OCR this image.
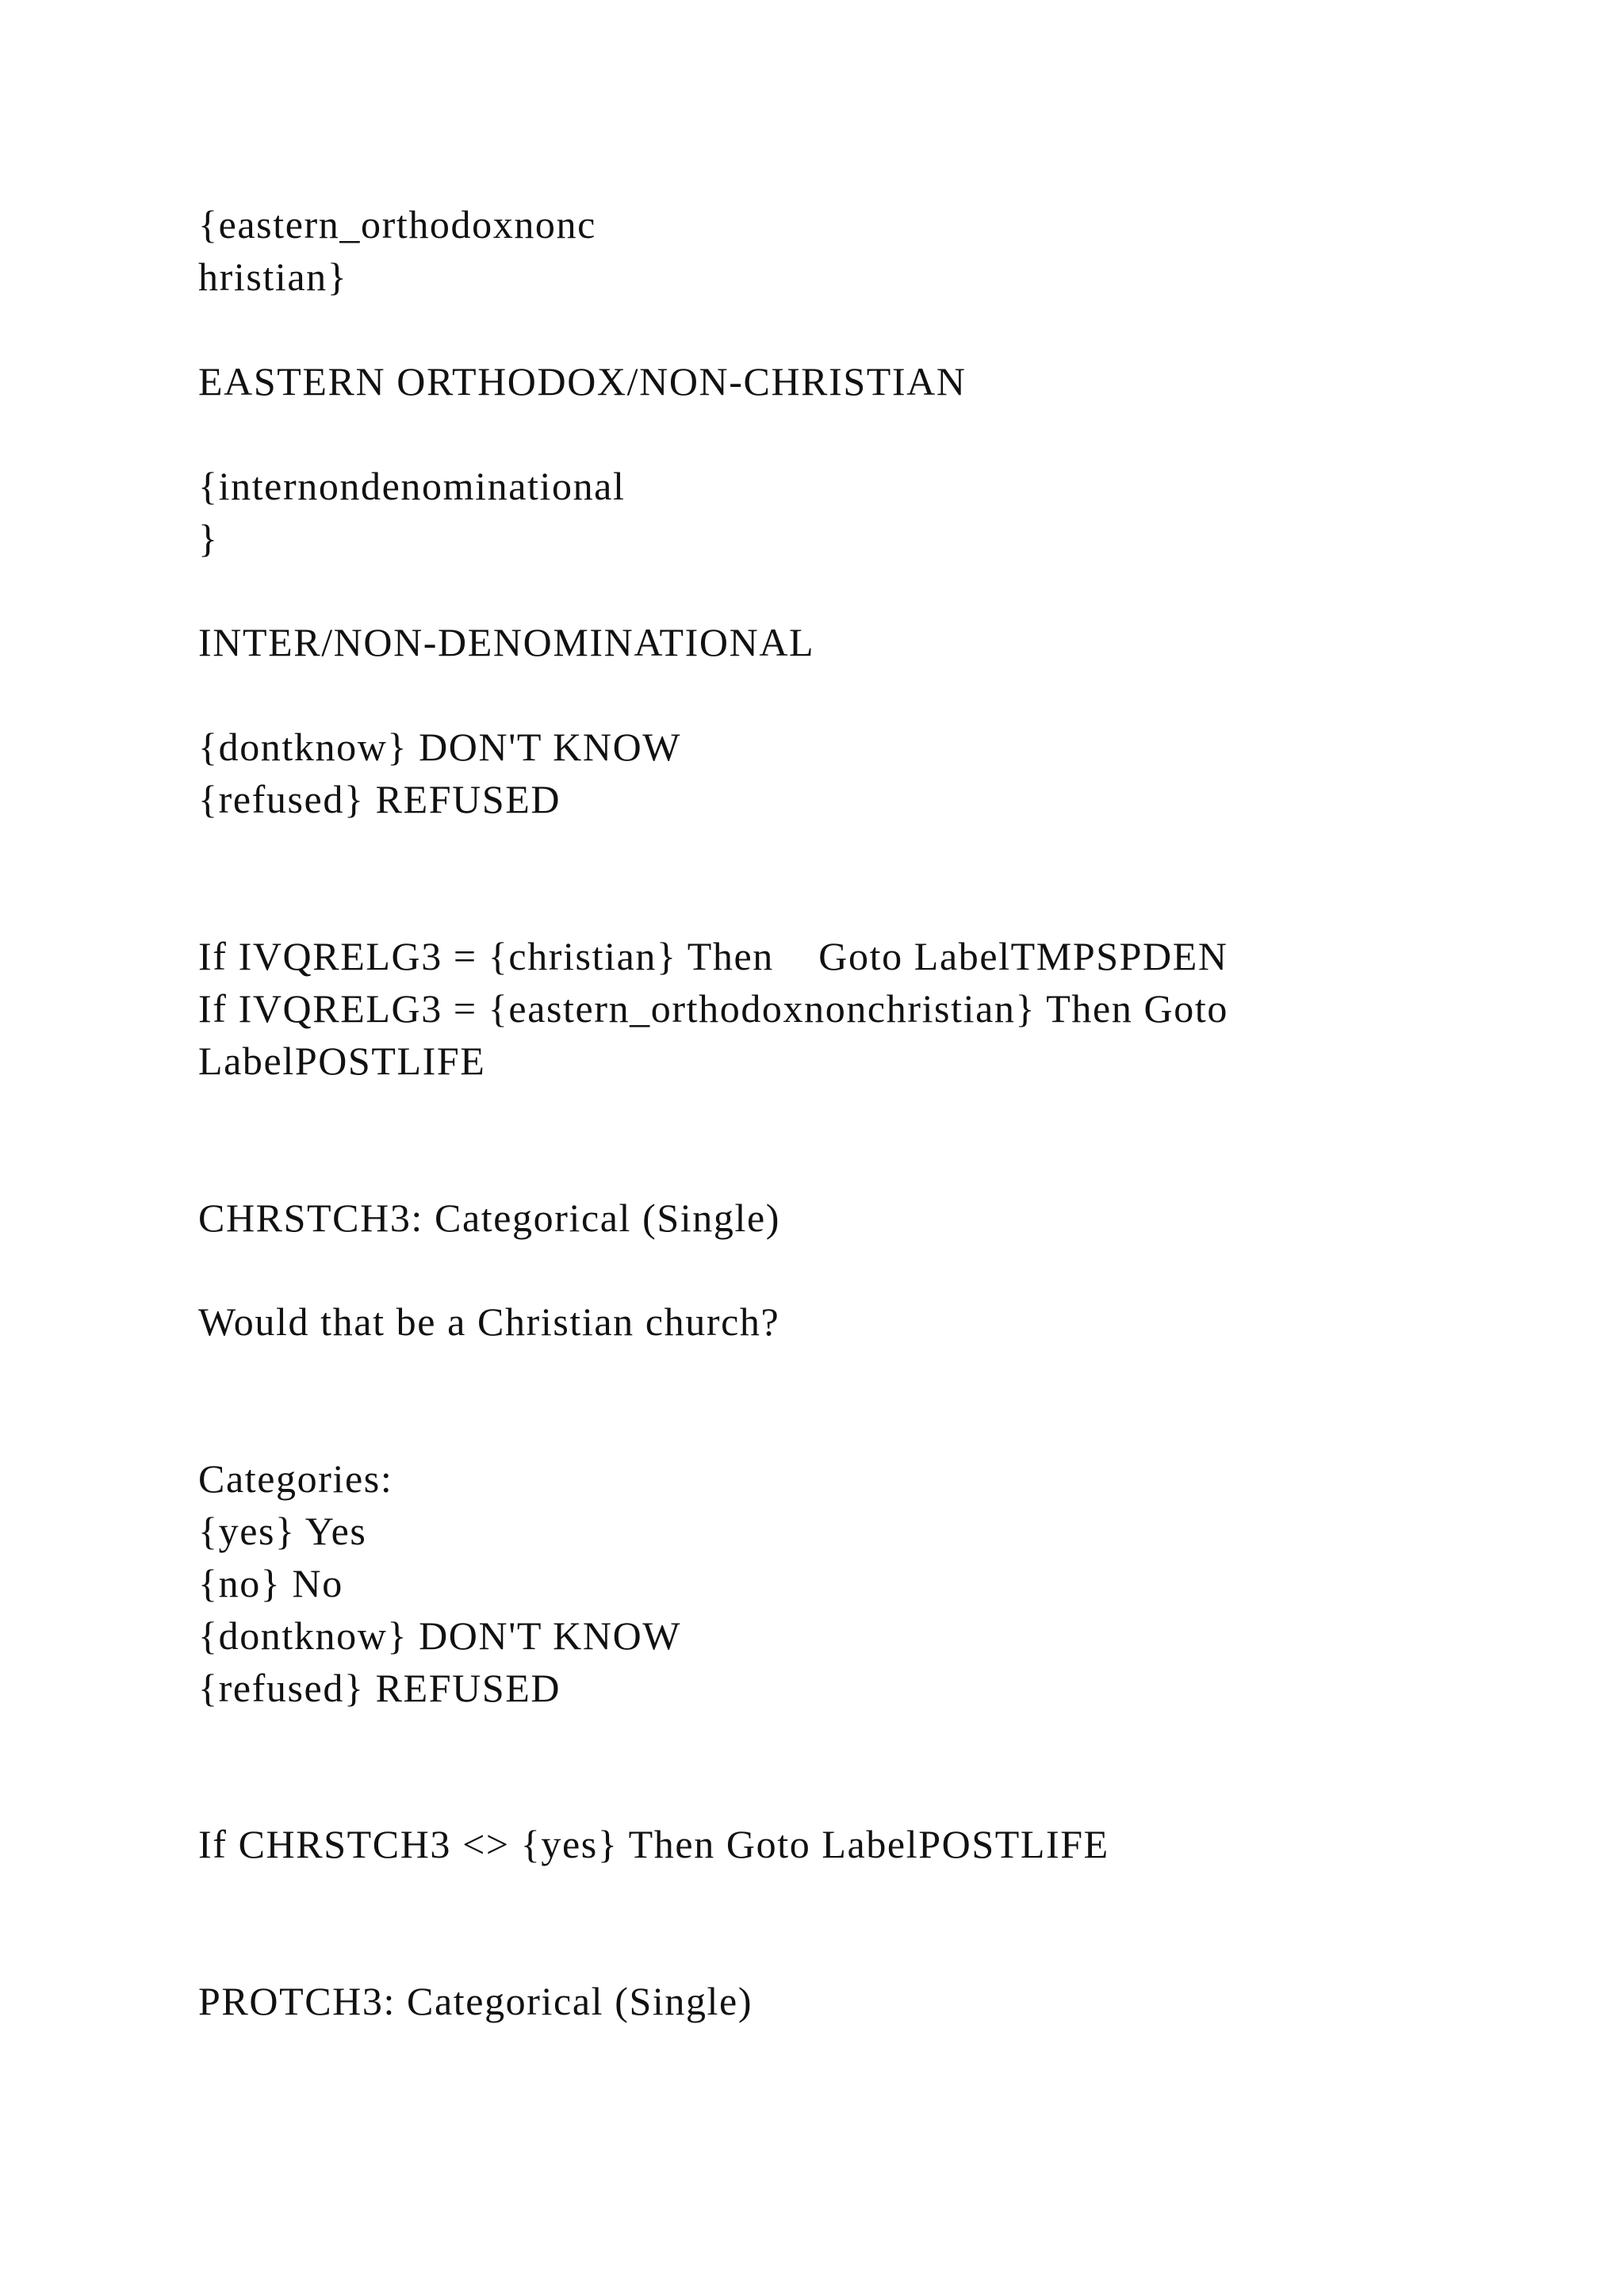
{eastern_orthodoxnonc

hristian}

EASTERN ORTHODOX/NON-CHRISTIAN

{internondenominational

}

INTER/NON-DENOMINATIONAL

{dontknow} DON'T KNOW

{refused} REFUSED

If IVQRELG3 = {christian} Then    Goto LabelTMPSPDEN

If IVQRELG3 = {eastern_orthodoxnonchristian} Then Goto

LabelPOSTLIFE

CHRSTCH3: Categorical (Single)

Would that be a Christian church?

Categories:

{yes} Yes

{no} No

{dontknow} DON'T KNOW

{refused} REFUSED

If CHRSTCH3 <> {yes} Then Goto LabelPOSTLIFE

PROTCH3: Categorical (Single)
